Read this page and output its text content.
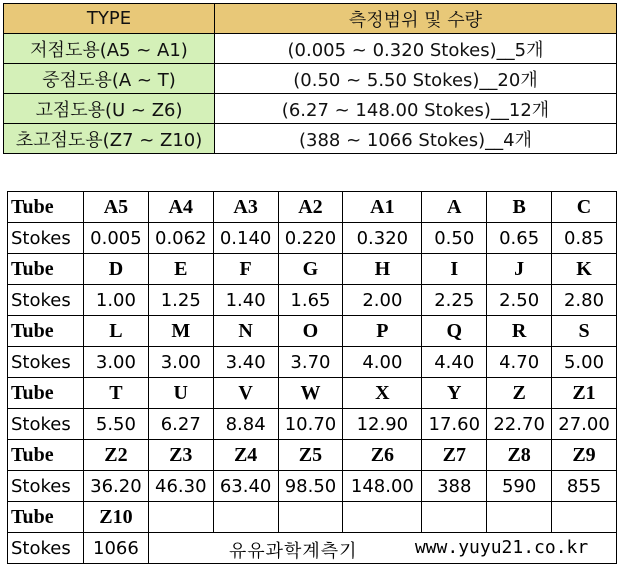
TYPE	측정범위 및 수량
저점도용(A5 ~ A1)	(0.005 ~ 0.320 Stokes)__5개
중점도용(A ~ T)	(0.50 ~ 5.50 Stokes)__20개
고점도용(U ~ Z6)	(6.27 ~ 148.00 Stokes)__12개
초고점도용(Z7 ~ Z10)	(388 ~ 1066 Stokes)__4개
Tube	A5	A4	A3	A2	A1	A	B	C
Stokes	0.005	0.062	0.140	0.220	0.320	0.50	0.65	0.85
Tube	D	E	F	G	H	I	J	K
Stokes	1.00	1.25	1.40	1.65	2.00	2.25	2.50	2.80
Tube	L	M	N	O	P	Q	R	S
Stokes	3.00	3.00	3.40	3.70	4.00	4.40	4.70	5.00
Tube	T	U	V	W	X	Y	Z	Z1
Stokes	5.50	6.27	8.84	10.70	12.90	17.60	22.70	27.00
Tube	Z2	Z3	Z4	Z5	Z6	Z7	Z8	Z9
Stokes	36.20	46.30	63.40	98.50	148.00	388	590	855
Tube	Z10							
Stokes	1066	유유과학계측기 www.yuyu21.co.kr						
